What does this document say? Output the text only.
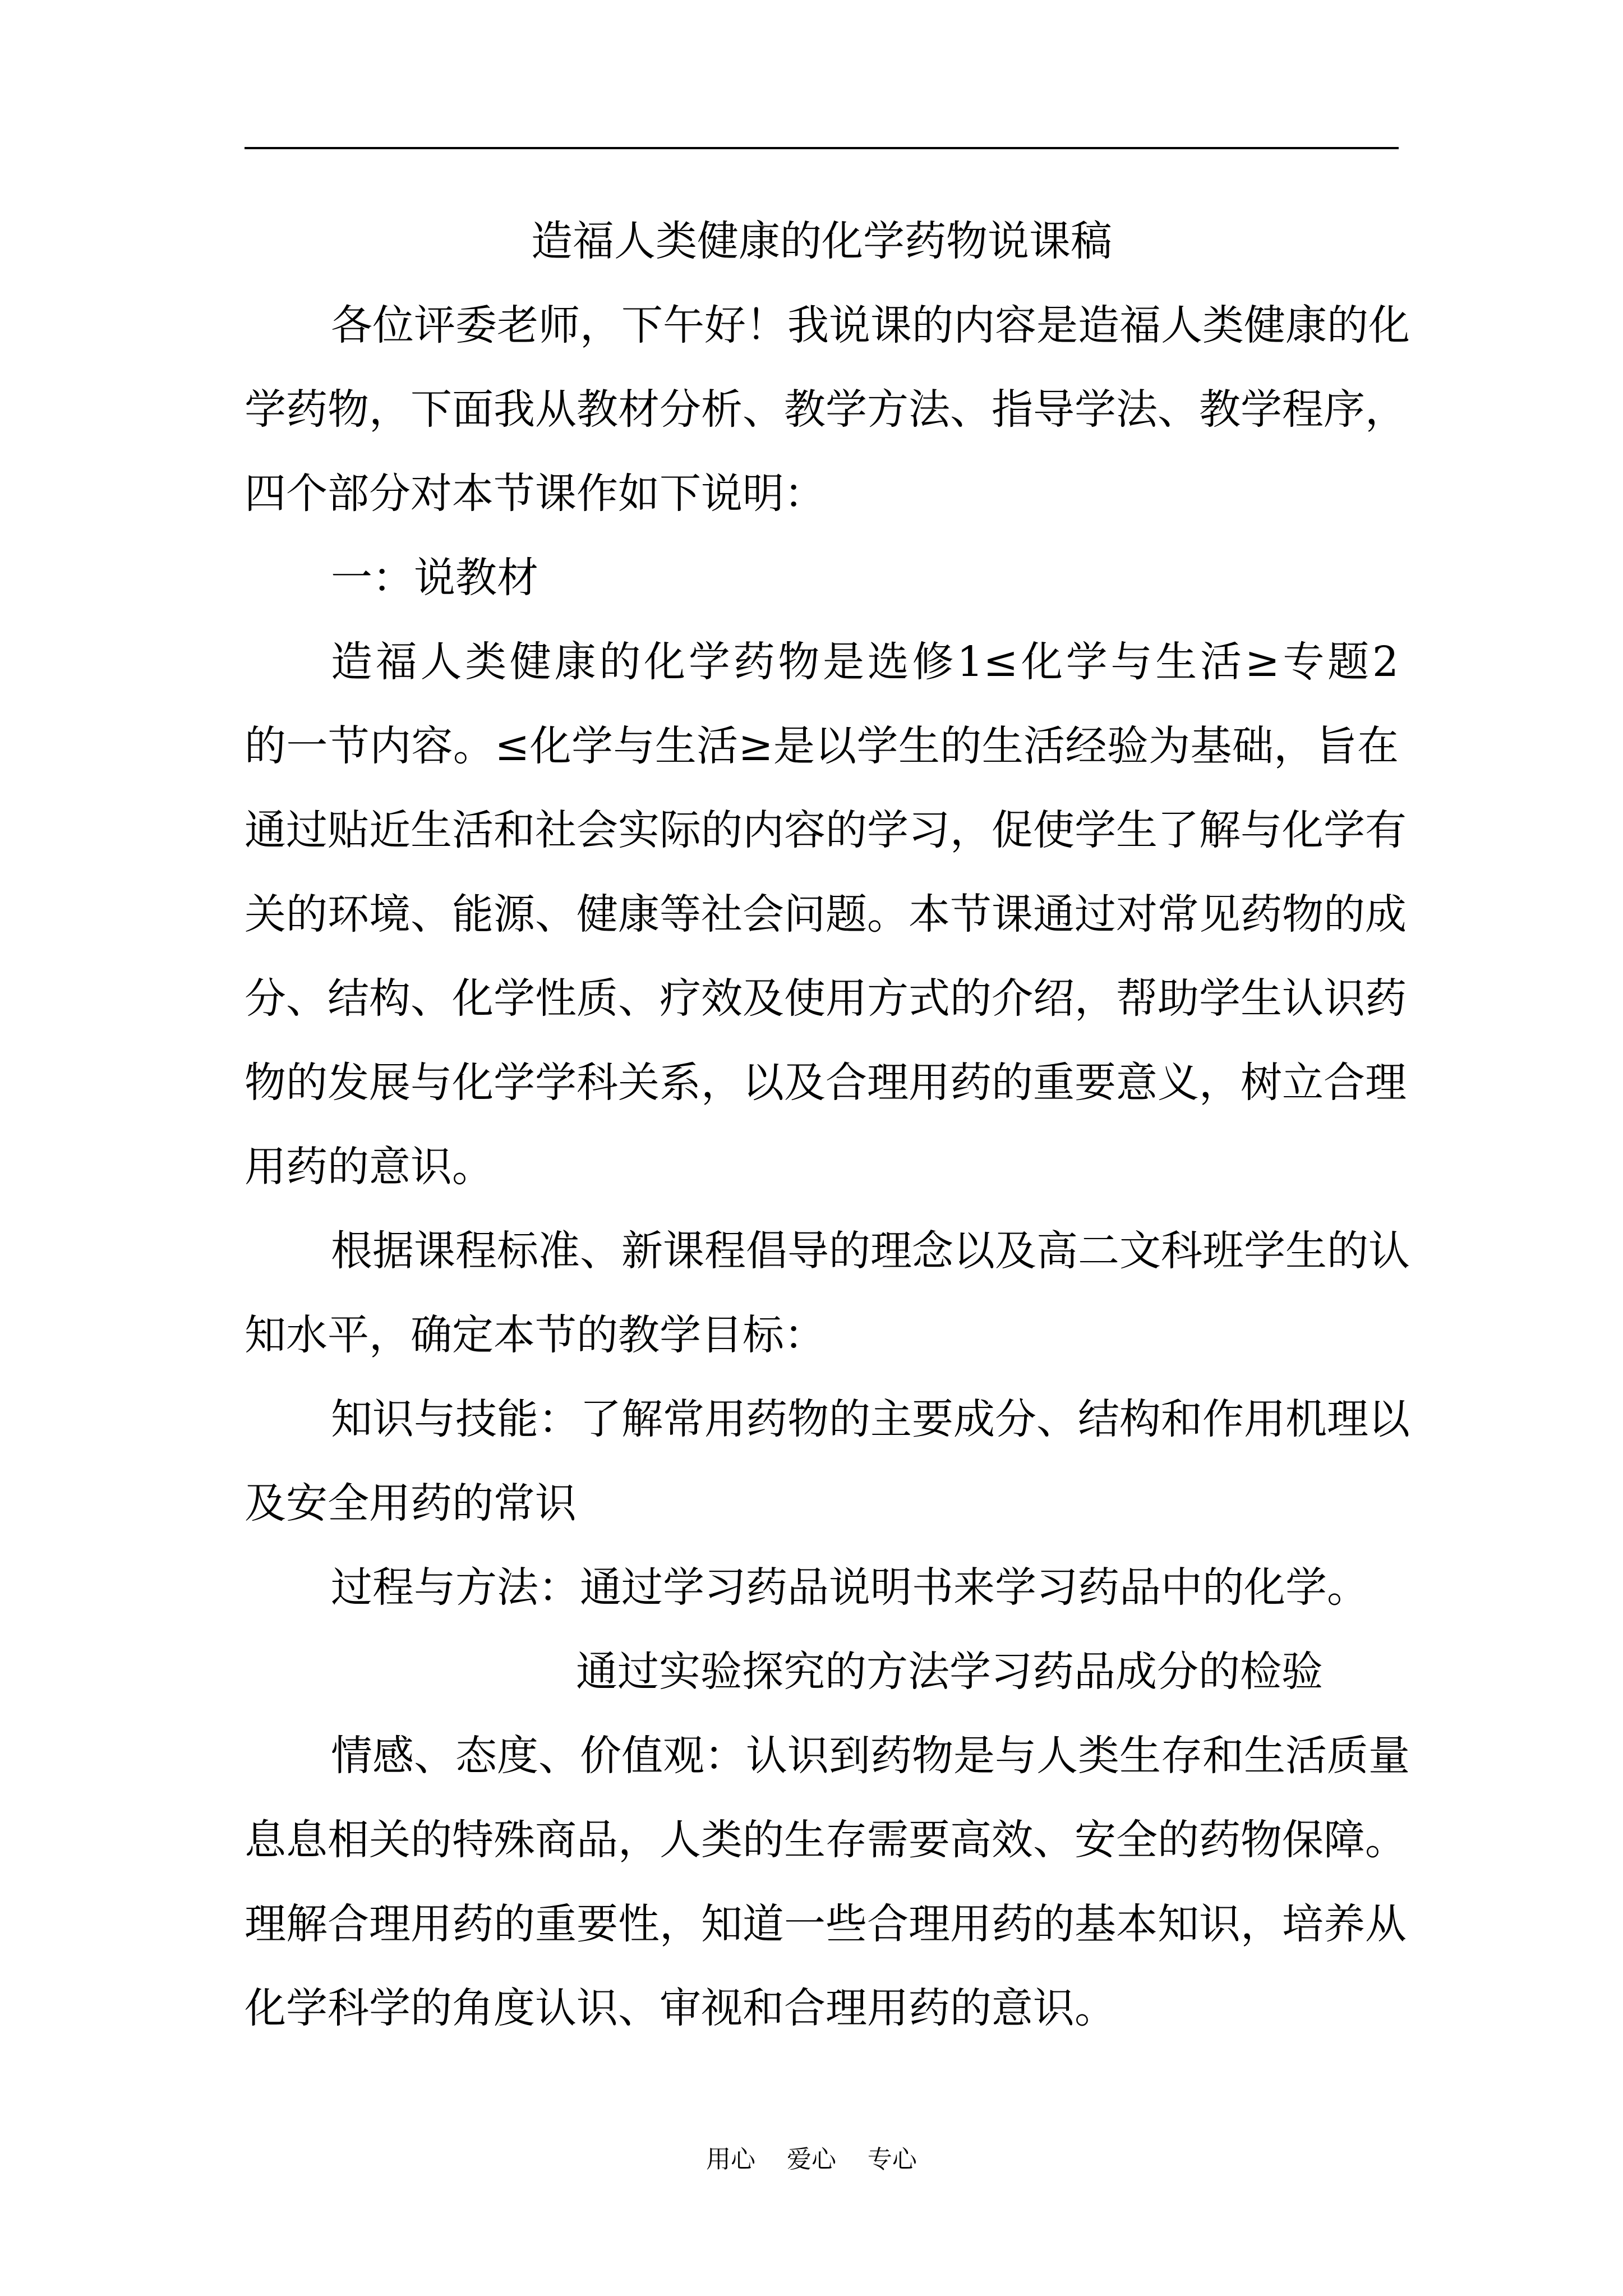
造福人类健康的化学药物说课稿
各位评委老师，下午好！我说课的内容是造福人类健康的化
学药物，下面我从教材分析、教学方法、指导学法、教学程序，
四个部分对本节课作如下说明：
一：说教材
造福人类健康的化学药物是选修1≤化学与生活≥专题2
的一节内容。≤化学与生活≥是以学生的生活经验为基础，旨在
通过贴近生活和社会实际的内容的学习，促使学生了解与化学有
关的环境、能源、健康等社会问题。本节课通过对常见药物的成
分、结构、化学性质、疗效及使用方式的介绍，帮助学生认识药
物的发展与化学学科关系，以及合理用药的重要意义，树立合理
用药的意识。
根据课程标准、新课程倡导的理念以及高二文科班学生的认
知水平，确定本节的教学目标：
知识与技能：了解常用药物的主要成分、结构和作用机理以
及安全用药的常识
过程与方法：通过学习药品说明书来学习药品中的化学。
通过实验探究的方法学习药品成分的检验
情感、态度、价值观：认识到药物是与人类生存和生活质量
息息相关的特殊商品，人类的生存需要高效、安全的药物保障。
理解合理用药的重要性，知道一些合理用药的基本知识，培养从
化学科学的角度认识、审视和合理用药的意识。
用心    爱心    专心
